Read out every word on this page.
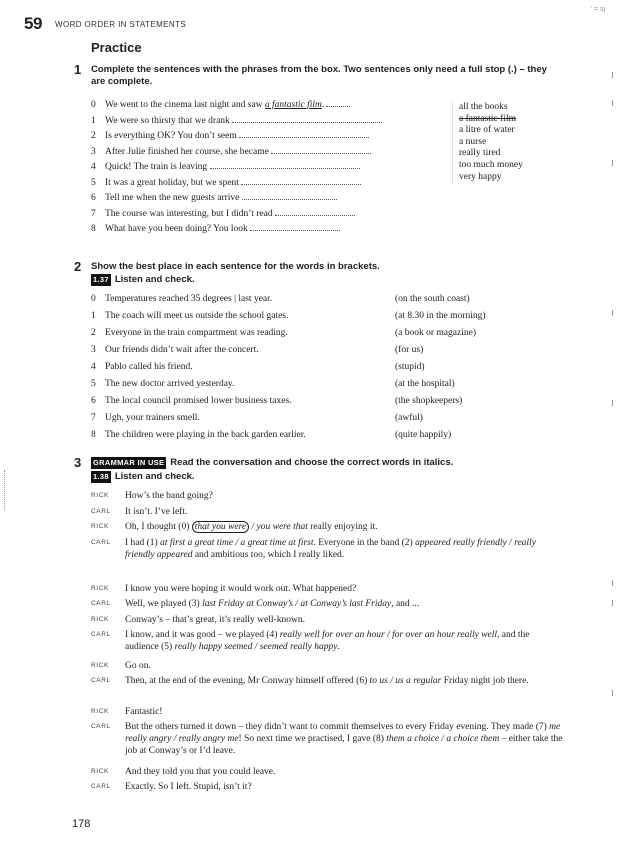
59 WORD ORDER IN STATEMENTS
‘ = sj
Practice
1 Complete the sentences with the phrases from the box. Two sentences only need a full stop (.) – they are complete.
0 We went to the cinema last night and saw a fantastic film.
1 We were so thirsty that we drank
2 Is everything OK? You don’t seem
3 After Julie finished her course, she became
4 Quick! The train is leaving
5 It was a great holiday, but we spent
6 Tell me when the new guests arrive
7 The course was interesting, but I didn’t read
8 What have you been doing? You look
all the books
a fantastic film
a litre of water
a nurse
really tired
too much money
very happy
2 Show the best place in each sentence for the words in brackets.
1.37 Listen and check.
0 Temperatures reached 35 degrees | last year.	(on the south coast)
1 The coach will meet us outside the school gates.	(at 8.30 in the morning)
2 Everyone in the train compartment was reading.	(a book or magazine)
3 Our friends didn’t wait after the concert.	(for us)
4 Pablo called his friend.	(stupid)
5 The new doctor arrived yesterday.	(at the hospital)
6 The local council promised lower business taxes.	(the shopkeepers)
7 Ugh, your trainers smell.	(awful)
8 The children were playing in the back garden earlier.	(quite happily)
3 GRAMMAR IN USE Read the conversation and choose the correct words in italics.
1.38 Listen and check.
RICK	How’s the band going?
CARL	It isn’t. I’ve left.
RICK	Oh, I thought (0) that you were / you were that really enjoying it.
CARL	I had (1) at first a great time / a great time at first. Everyone in the band (2) appeared really friendly / really friendly appeared and ambitious too, which I really liked.
RICK	I know you were hoping it would work out. What happened?
CARL	Well, we played (3) last Friday at Conway’s / at Conway’s last Friday, and ...
RICK	Conway’s – that’s great, it’s really well-known.
CARL	I know, and it was good – we played (4) really well for over an hour / for over an hour really well, and the audience (5) really happy seemed / seemed really happy.
RICK	Go on.
CARL	Then, at the end of the evening, Mr Conway himself offered (6) to us / us a regular Friday night job there.
RICK	Fantastic!
CARL	But the others turned it down – they didn’t want to commit themselves to every Friday evening. They made (7) me really angry / really angry me! So next time we practised, I gave (8) them a choice / a choice them – either take the job at Conway’s or I’d leave.
RICK	And they told you that you could leave.
CARL	Exactly. So I left. Stupid, isn’t it?
178
